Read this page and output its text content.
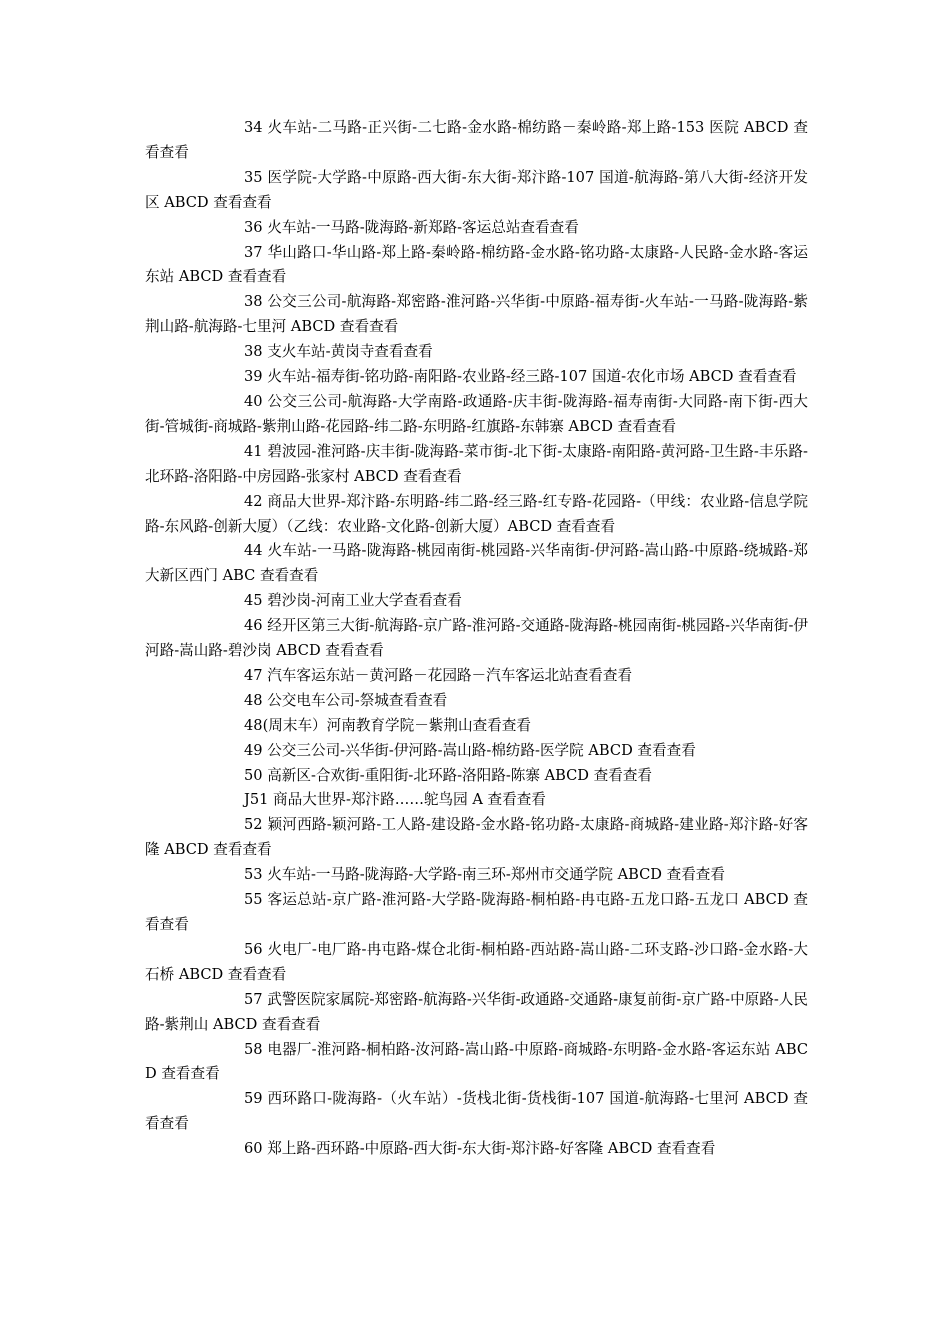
34 火车站-二马路-正兴街-二七路-金水路-棉纺路－秦岭路-郑上路-153 医院 ABCD 查看查看

35 医学院-大学路-中原路-西大街-东大街-郑汴路-107 国道-航海路-第八大街-经济开发区 ABCD 查看查看

36 火车站-一马路-陇海路-新郑路-客运总站查看查看

37 华山路口-华山路-郑上路-秦岭路-棉纺路-金水路-铭功路-太康路-人民路-金水路-客运东站 ABCD 查看查看

38 公交三公司-航海路-郑密路-淮河路-兴华街-中原路-福寿街-火车站-一马路-陇海路-紫荆山路-航海路-七里河 ABCD 查看查看

38 支火车站-黄岗寺查看查看

39 火车站-福寿街-铭功路-南阳路-农业路-经三路-107 国道-农化市场 ABCD 查看查看

40 公交三公司-航海路-大学南路-政通路-庆丰街-陇海路-福寿南街-大同路-南下街-西大街-管城街-商城路-紫荆山路-花园路-纬二路-东明路-红旗路-东韩寨 ABCD 查看查看

41 碧波园-淮河路-庆丰街-陇海路-菜市街-北下街-太康路-南阳路-黄河路-卫生路-丰乐路-北环路-洛阳路-中房园路-张家村 ABCD 查看查看

42 商品大世界-郑汴路-东明路-纬二路-经三路-红专路-花园路-（甲线：农业路-信息学院路-东风路-创新大厦）（乙线：农业路-文化路-创新大厦）ABCD 查看查看

44 火车站-一马路-陇海路-桃园南街-桃园路-兴华南街-伊河路-嵩山路-中原路-绕城路-郑大新区西门 ABC 查看查看

45 碧沙岗-河南工业大学查看查看

46 经开区第三大街-航海路-京广路-淮河路-交通路-陇海路-桃园南街-桃园路-兴华南街-伊河路-嵩山路-碧沙岗 ABCD 查看查看

47 汽车客运东站－黄河路－花园路－汽车客运北站查看查看

48 公交电车公司-祭城查看查看

48(周末车）河南教育学院－紫荆山查看查看

49 公交三公司-兴华街-伊河路-嵩山路-棉纺路-医学院 ABCD 查看查看

50 高新区-合欢街-重阳街-北环路-洛阳路-陈寨 ABCD 查看查看

J51 商品大世界-郑汴路……鸵鸟园 A 查看查看

52 颖河西路-颖河路-工人路-建设路-金水路-铭功路-太康路-商城路-建业路-郑汴路-好客隆 ABCD 查看查看

53 火车站-一马路-陇海路-大学路-南三环-郑州市交通学院 ABCD 查看查看

55 客运总站-京广路-淮河路-大学路-陇海路-桐柏路-冉屯路-五龙口路-五龙口 ABCD 查看查看

56 火电厂-电厂路-冉屯路-煤仓北街-桐柏路-西站路-嵩山路-二环支路-沙口路-金水路-大石桥 ABCD 查看查看

57 武警医院家属院-郑密路-航海路-兴华街-政通路-交通路-康复前街-京广路-中原路-人民路-紫荆山 ABCD 查看查看

58 电器厂-淮河路-桐柏路-汝河路-嵩山路-中原路-商城路-东明路-金水路-客运东站 ABCD 查看查看

59 西环路口-陇海路-（火车站）-货栈北街-货栈街-107 国道-航海路-七里河 ABCD 查看查看

60 郑上路-西环路-中原路-西大街-东大街-郑汴路-好客隆 ABCD 查看查看
